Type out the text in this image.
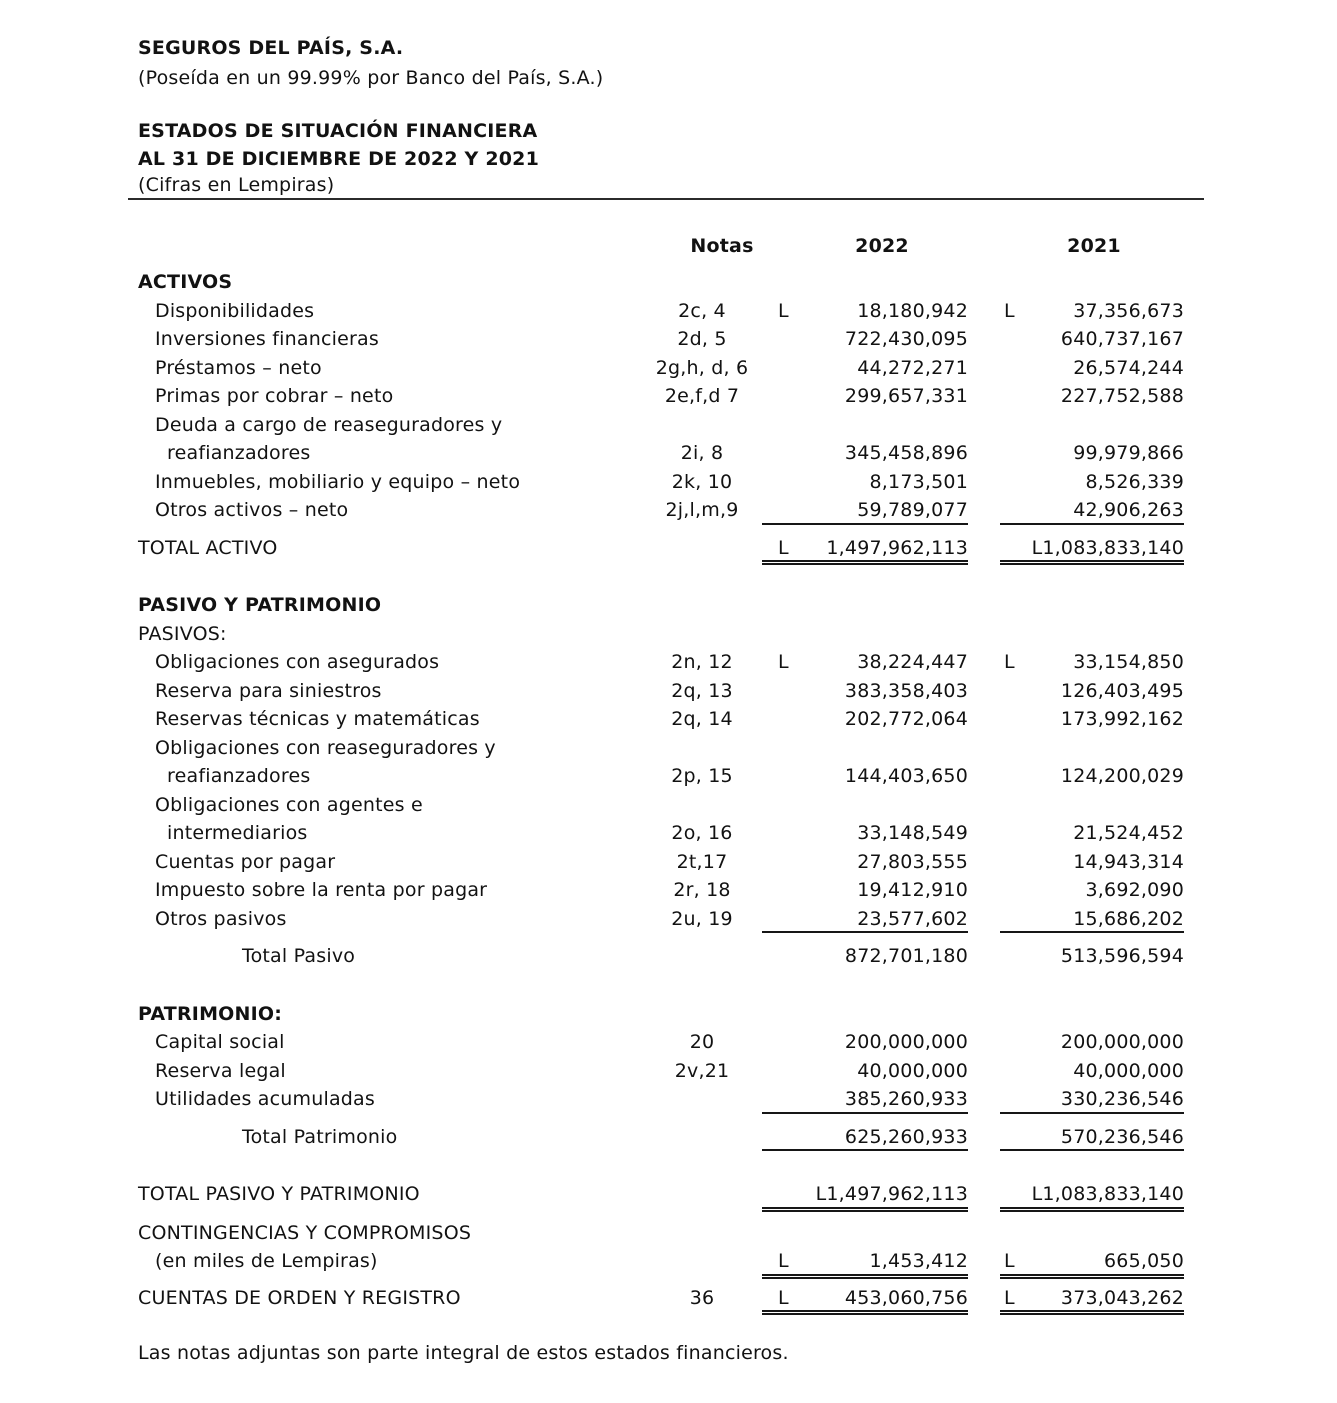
SEGUROS DEL PAÍS, S.A.
(Poseída en un 99.99% por Banco del País, S.A.)
ESTADOS DE SITUACIÓN FINANCIERA
AL 31 DE DICIEMBRE DE 2022 Y 2021
(Cifras en Lempiras)
Notas	2022	2021
ACTIVOS
Disponibilidades	2c, 4	L	18,180,942 L	37,356,673
Inversiones financieras	2d, 5	722,430,095	640,737,167
Préstamos – neto	2g,h, d, 6	44,272,271	26,574,244
Primas por cobrar – neto	2e,f,d 7	299,657,331	227,752,588
Deuda a cargo de reaseguradores y
reafianzadores	2i, 8	345,458,896	99,979,866
Inmuebles, mobiliario y equipo – neto	2k, 10	8,173,501	8,526,339
Otros activos – neto	2j,l,m,9	59,789,077	42,906,263
TOTAL ACTIVO	L 1,497,962,113	L1,083,833,140
PASIVO Y PATRIMONIO
PASIVOS:
Obligaciones con asegurados	2n, 12	L	38,224,447 L	33,154,850
Reserva para siniestros	2q, 13	383,358,403	126,403,495
Reservas técnicas y matemáticas	2q, 14	202,772,064	173,992,162
Obligaciones con reaseguradores y
reafianzadores	2p, 15	144,403,650	124,200,029
Obligaciones con agentes e
intermediarios	2o, 16	33,148,549	21,524,452
Cuentas por pagar	2t,17	27,803,555	14,943,314
Impuesto sobre la renta por pagar	2r, 18	19,412,910	3,692,090
Otros pasivos	2u, 19	23,577,602	15,686,202
Total Pasivo	872,701,180	513,596,594
PATRIMONIO:
Capital social	20	200,000,000	200,000,000
Reserva legal	2v,21	40,000,000	40,000,000
Utilidades acumuladas	385,260,933	330,236,546
Total Patrimonio	625,260,933	570,236,546
TOTAL PASIVO Y PATRIMONIO	L1,497,962,113	L1,083,833,140
CONTINGENCIAS Y COMPROMISOS
(en miles de Lempiras)	L	1,453,412 L	665,050
CUENTAS DE ORDEN Y REGISTRO	36	L	453,060,756 L 373,043,262
Las notas adjuntas son parte integral de estos estados financieros.
